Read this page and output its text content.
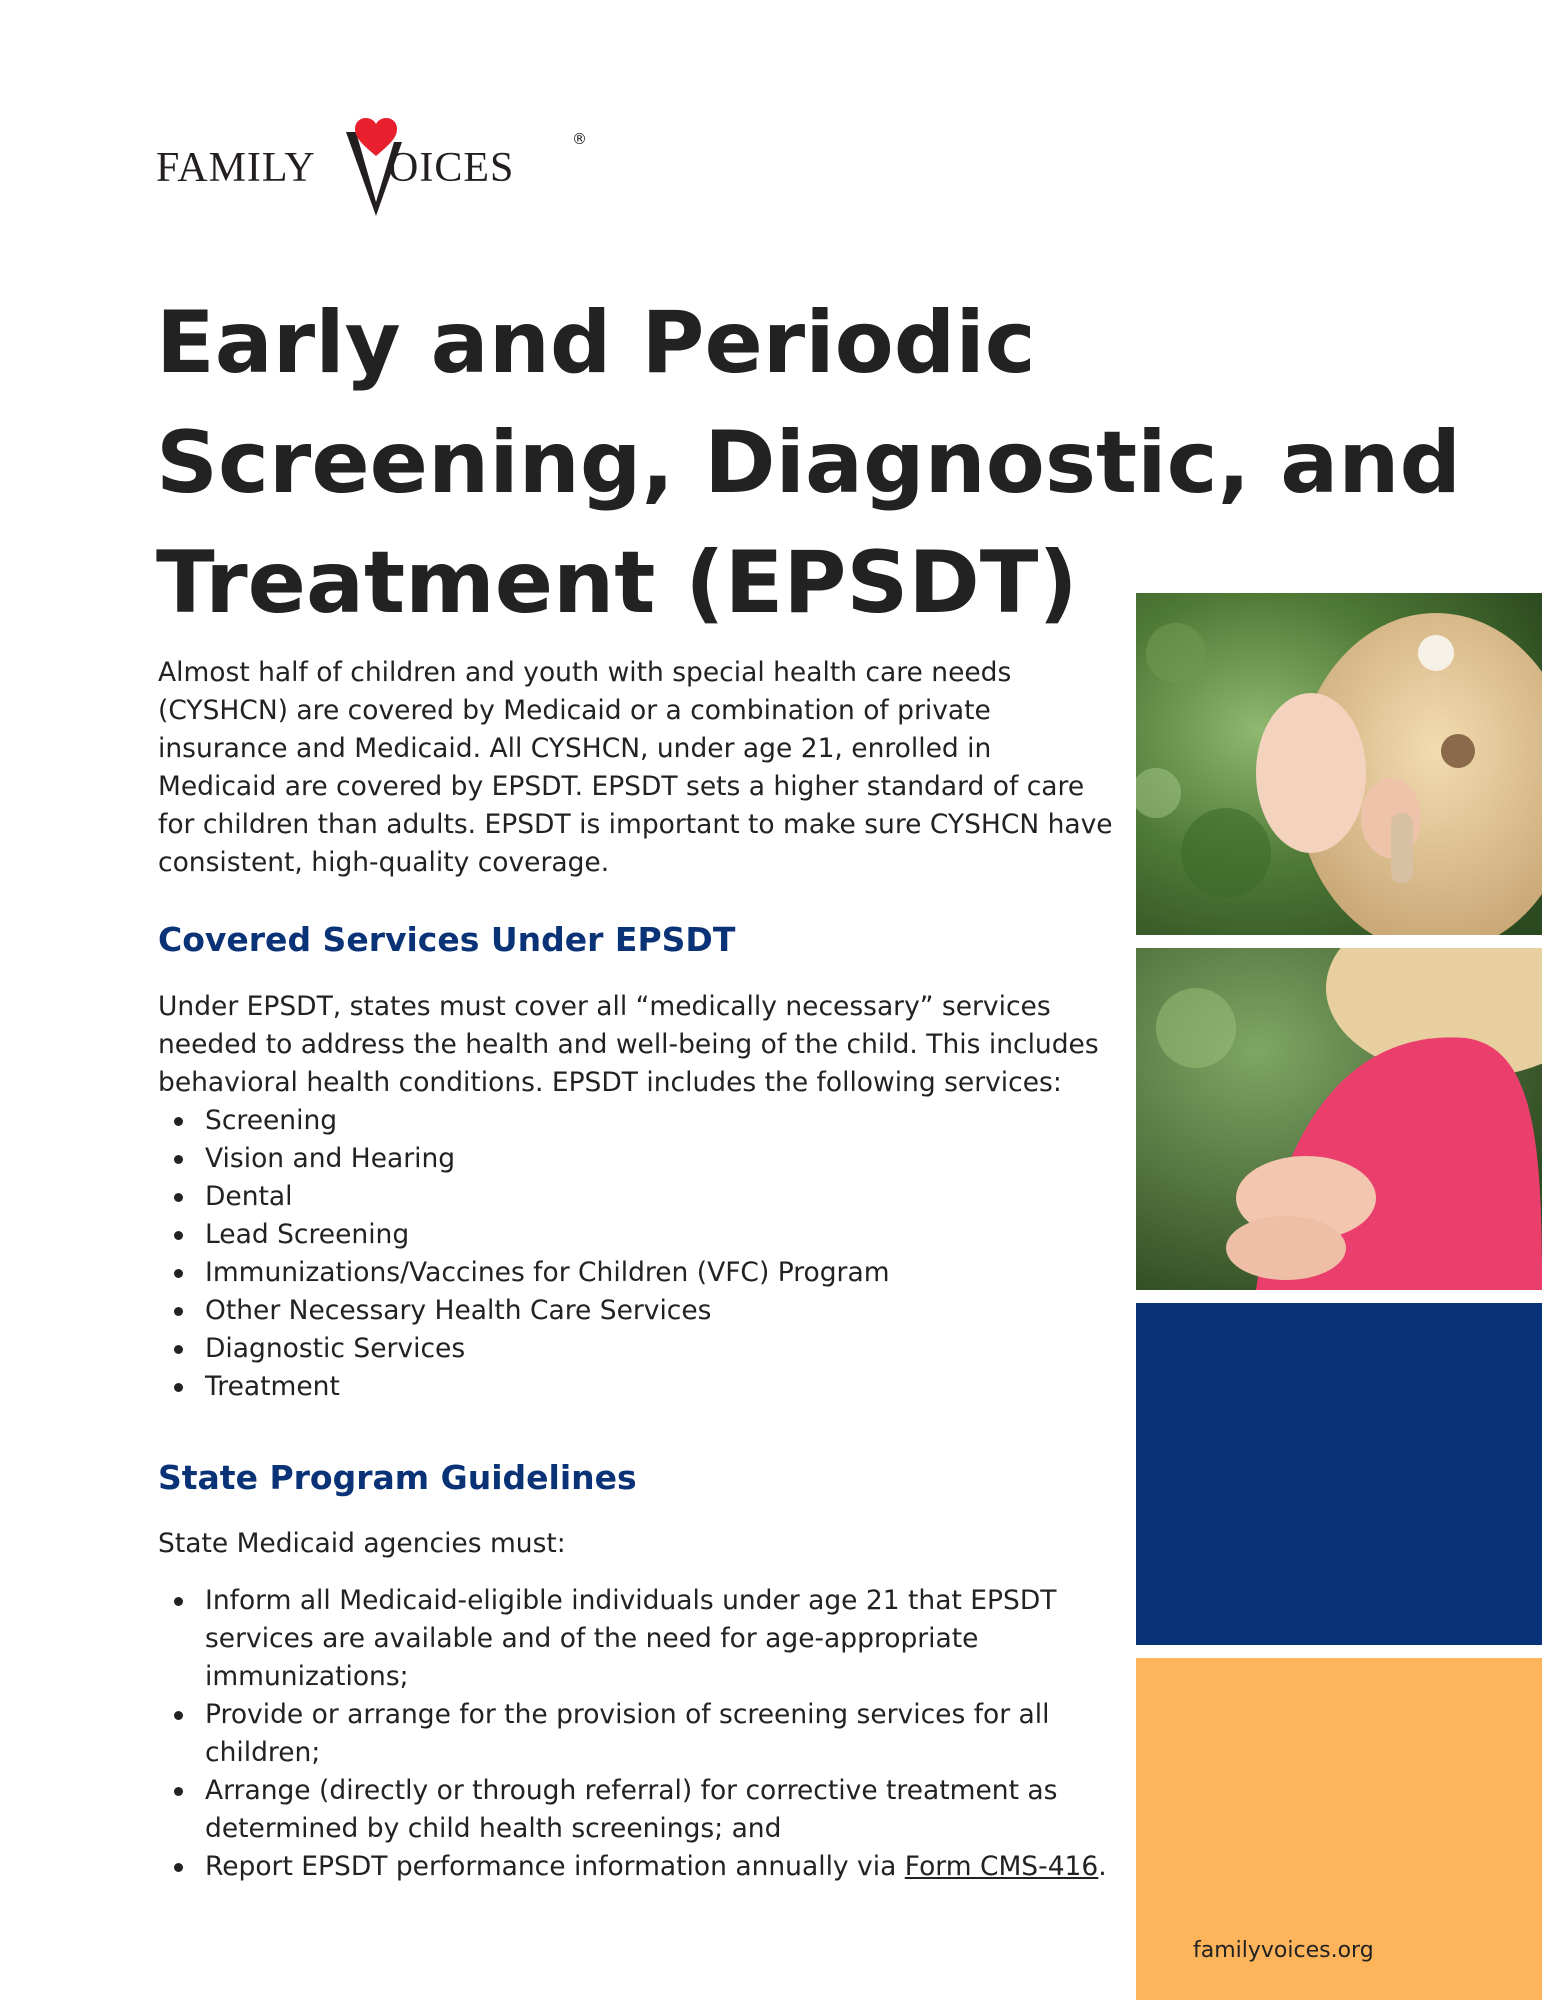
FAMILY OICES
®
Early and Periodic
Screening, Diagnostic, and
Treatment (EPSDT)

Almost half of children and youth with special health care needs (CYSHCN) are covered by Medicaid or a combination of private insurance and Medicaid. All CYSHCN, under age 21, enrolled in Medicaid are covered by EPSDT. EPSDT sets a higher standard of care for children than adults. EPSDT is important to make sure CYSHCN have consistent, high-quality coverage.

Covered Services Under EPSDT

Under EPSDT, states must cover all “medically necessary” services needed to address the health and well-being of the child. This includes behavioral health conditions. EPSDT includes the following services:

Screening
Vision and Hearing
Dental
Lead Screening
Immunizations/Vaccines for Children (VFC) Program
Other Necessary Health Care Services
Diagnostic Services
Treatment
State Program Guidelines

State Medicaid agencies must:

Inform all Medicaid-eligible individuals under age 21 that EPSDT services are available and of the need for age-appropriate immunizations;
Provide or arrange for the provision of screening services for all children;
Arrange (directly or through referral) for corrective treatment as determined by child health screenings; and
Report EPSDT performance information annually via Form CMS-416.
familyvoices.org
